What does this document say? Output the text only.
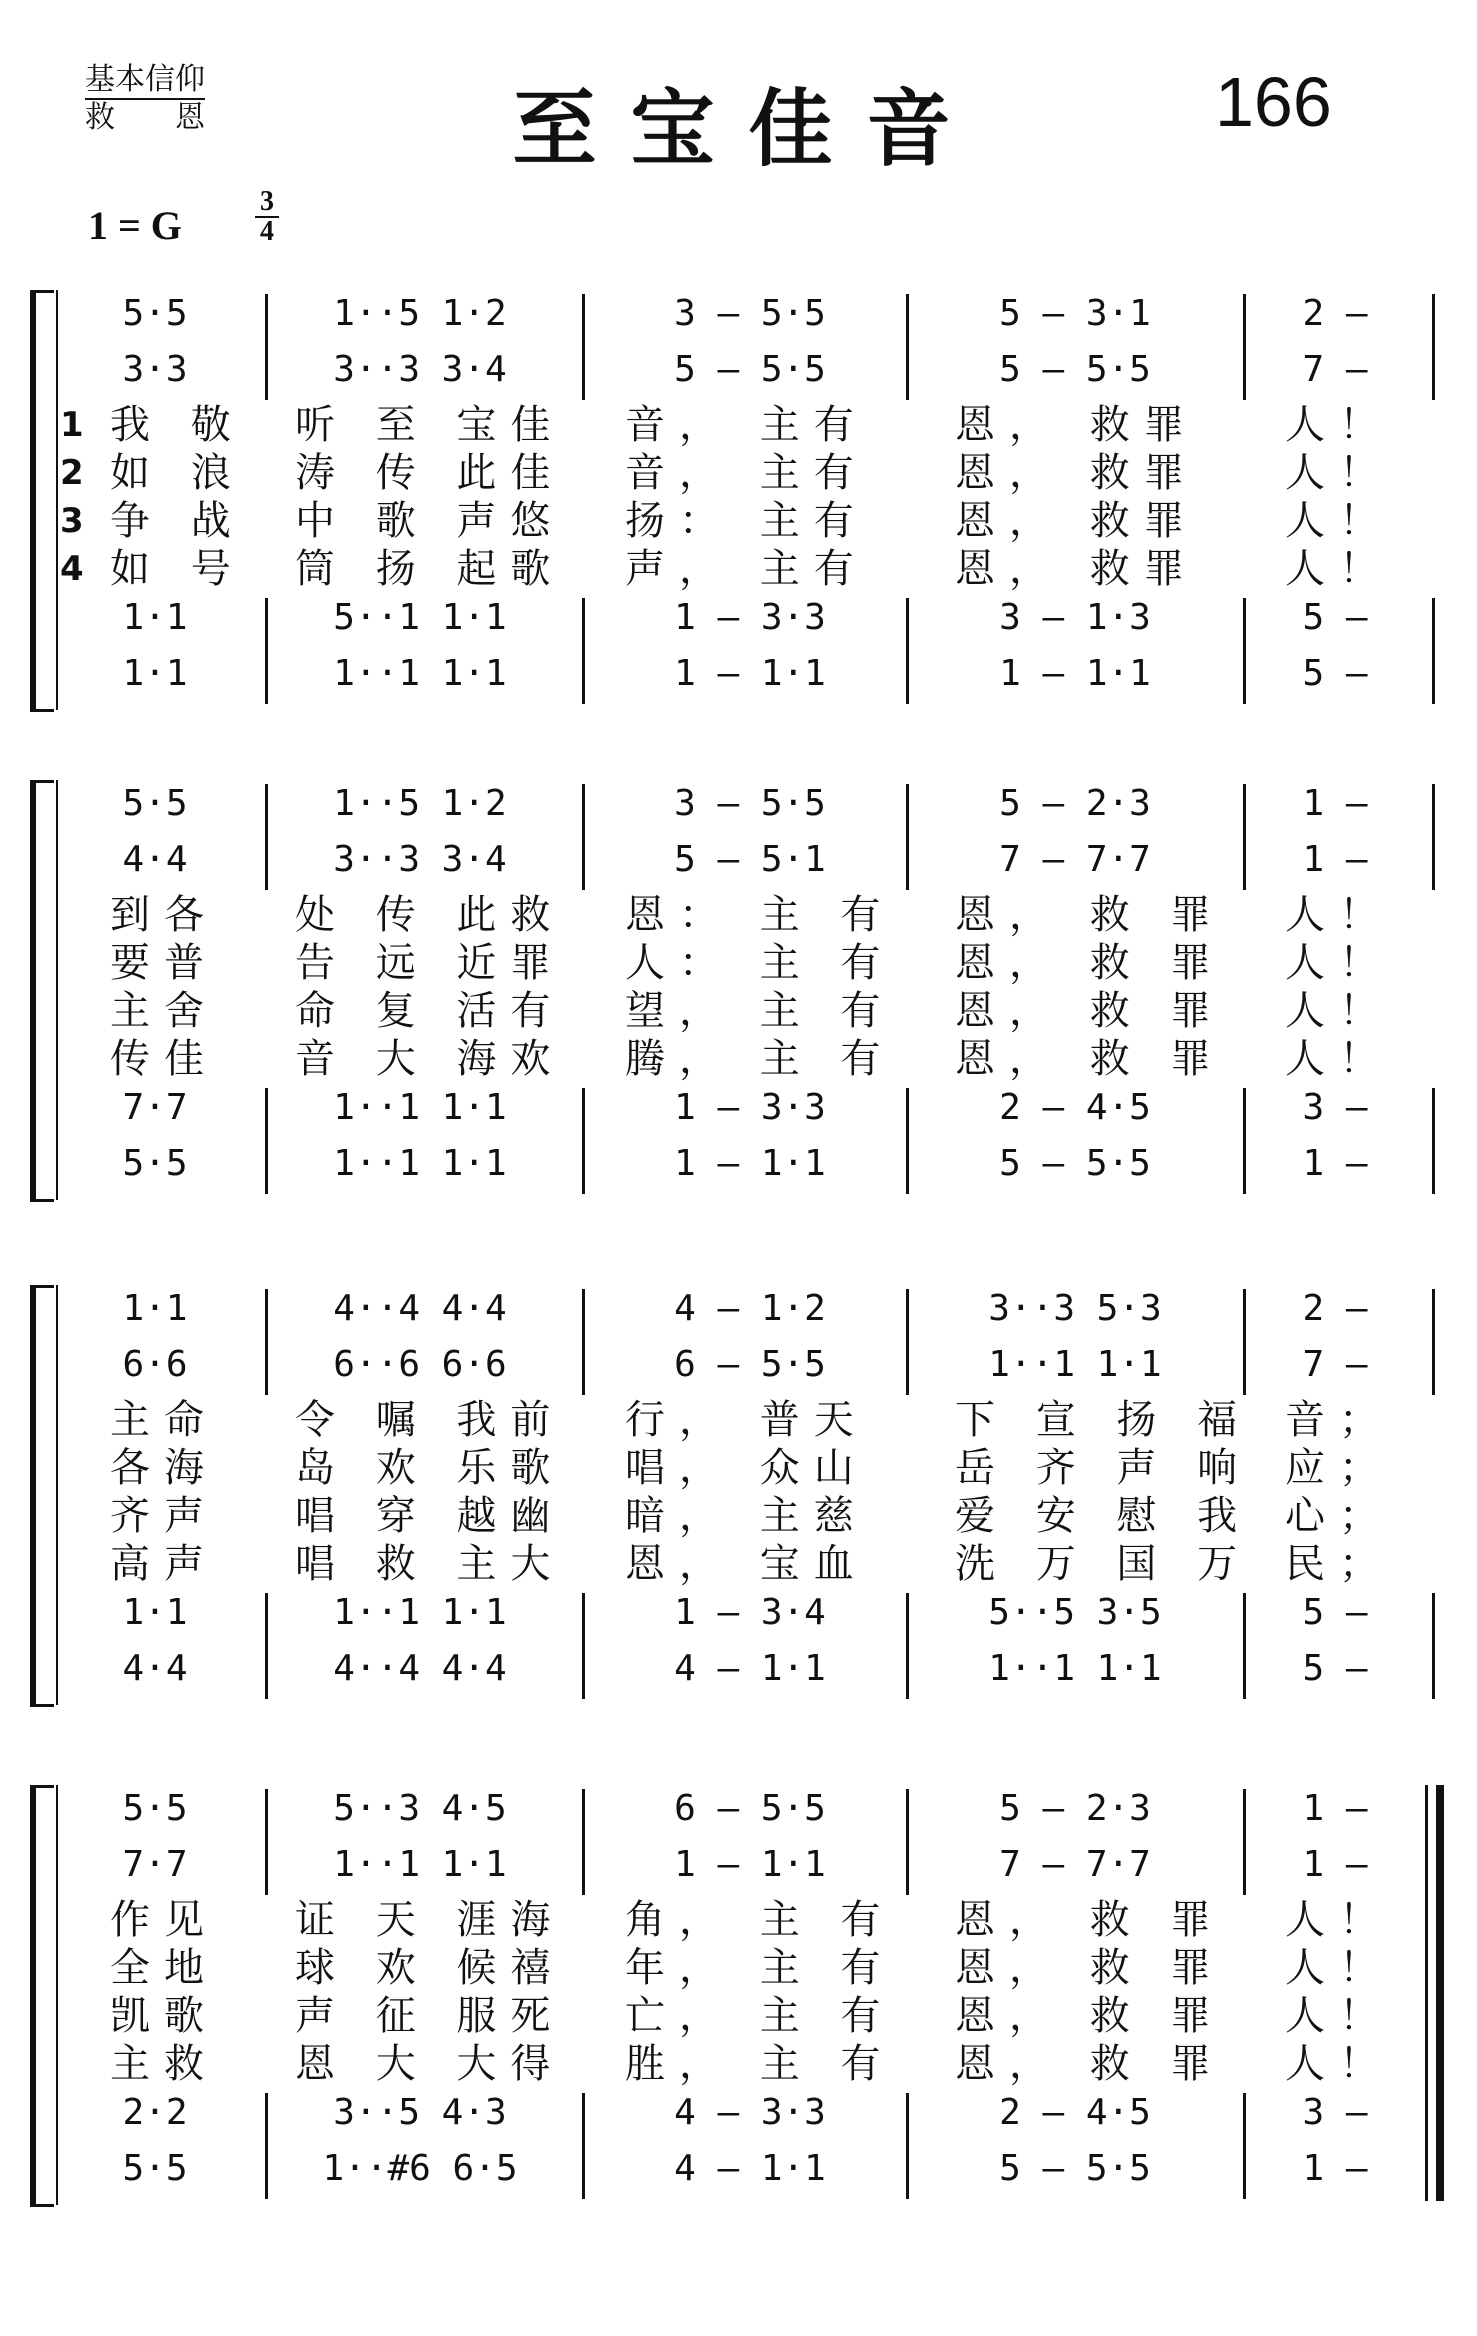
基本信仰
救　　恩	至宝佳音	166
1 = G
3
4
5·5	1··5 1·2	3 — 5·5	5 — 3·1	2 —
3·3	3··3 3·4	5 — 5·5	5 — 5·5	7 —
1 我 敬 听 至 宝佳 音， 主有 恩， 救罪 人！
2 如 浪 涛 传 此佳 音， 主有 恩， 救罪 人！
3 争 战 中 歌 声悠 扬： 主有 恩， 救罪 人！
4 如 号 筒 扬 起歌 声， 主有 恩， 救罪 人！
1·1	5··1 1·1	1 — 3·3	3 — 1·3	5 —
1·1	1··1 1·1	1 — 1·1	1 — 1·1	5 —
5·5	1··5 1·2	3 — 5·5	5 — 2·3	1 —
4·4	3··3 3·4	5 — 5·1	7 — 7·7	1 —
到各 处 传 此救 恩： 主 有 恩， 救 罪 人！
要普 告 远 近罪 人： 主 有 恩， 救 罪 人！
主舍 命 复 活有 望， 主 有 恩， 救 罪 人！
传佳 音 大 海欢 腾， 主 有 恩， 救 罪 人！
7·7	1··1 1·1	1 — 3·3	2 — 4·5	3 —
5·5	1··1 1·1	1 — 1·1	5 — 5·5	1 —
1·1	4··4 4·4	4 — 1·2	3··3 5·3	2 —
6·6	6··6 6·6	6 — 5·5	1··1 1·1	7 —
主命 令 嘱 我前 行， 普天 下 宣 扬 福 音；
各海 岛 欢 乐歌 唱， 众山 岳 齐 声 响 应；
齐声 唱 穿 越幽 暗， 主慈 爱 安 慰 我 心；
高声 唱 救 主大 恩， 宝血 洗 万 国 万 民；
1·1	1··1 1·1	1 — 3·4	5··5 3·5	5 —
4·4	4··4 4·4	4 — 1·1	1··1 1·1	5 —
5·5	5··3 4·5	6 — 5·5	5 — 2·3	1 —
7·7	1··1 1·1	1 — 1·1	7 — 7·7	1 —
作见 证 天 涯海 角， 主 有 恩， 救 罪 人！
全地 球 欢 候禧 年， 主 有 恩， 救 罪 人！
凯歌 声 征 服死 亡， 主 有 恩， 救 罪 人！
主救 恩 大 大得 胜， 主 有 恩， 救 罪 人！
2·2	3··5 4·3	4 — 3·3	2 — 4·5	3 —
5·5	1··#6 6·5	4 — 1·1	5 — 5·5	1 —
